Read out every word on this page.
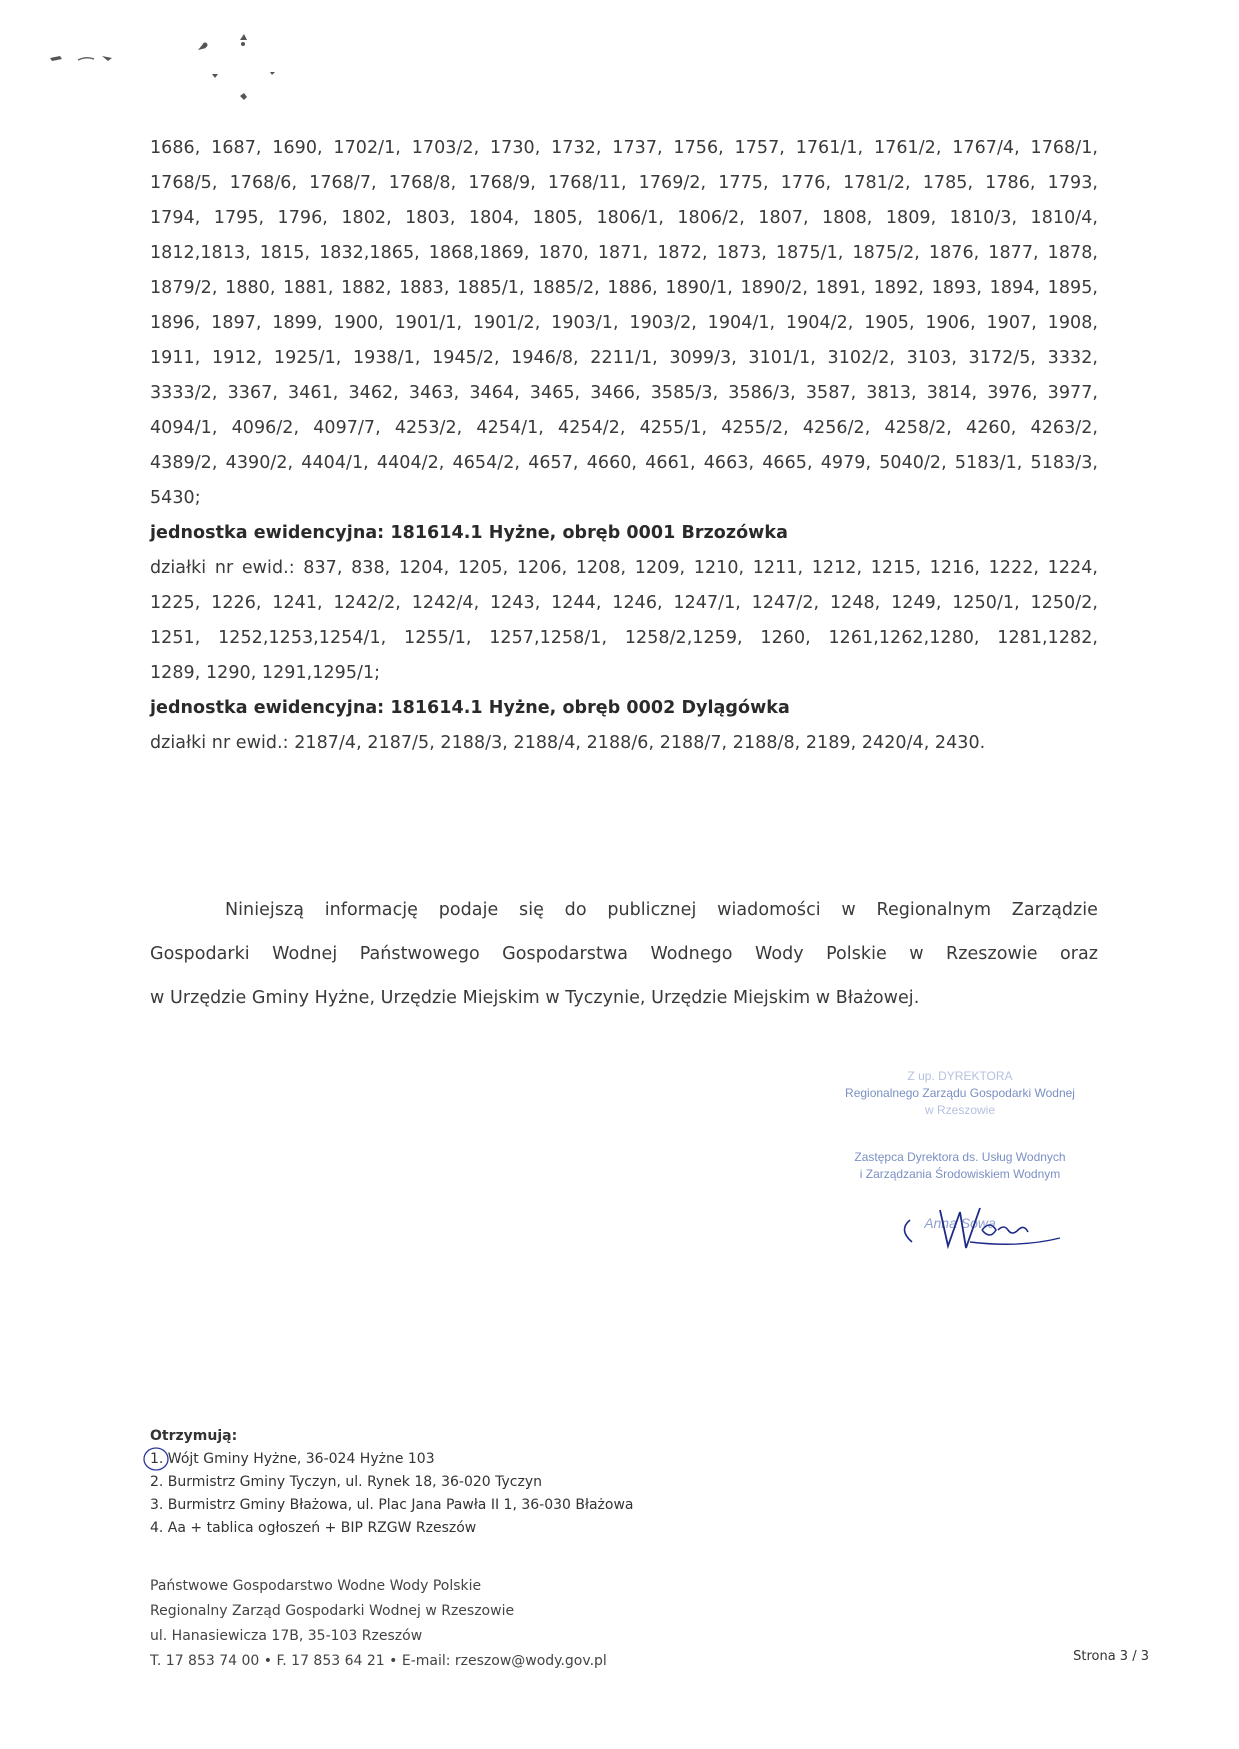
1686, 1687, 1690, 1702/1, 1703/2, 1730, 1732, 1737, 1756, 1757, 1761/1, 1761/2, 1767/4, 1768/1,
1768/5, 1768/6, 1768/7, 1768/8, 1768/9, 1768/11, 1769/2, 1775, 1776, 1781/2, 1785, 1786, 1793,
1794, 1795, 1796, 1802, 1803, 1804, 1805, 1806/1, 1806/2, 1807, 1808, 1809, 1810/3, 1810/4,
1812,1813, 1815, 1832,1865, 1868,1869, 1870, 1871, 1872, 1873, 1875/1, 1875/2, 1876, 1877, 1878,
1879/2, 1880, 1881, 1882, 1883, 1885/1, 1885/2, 1886, 1890/1, 1890/2, 1891, 1892, 1893, 1894, 1895,
1896, 1897, 1899, 1900, 1901/1, 1901/2, 1903/1, 1903/2, 1904/1, 1904/2, 1905, 1906, 1907, 1908,
1911, 1912, 1925/1, 1938/1, 1945/2, 1946/8, 2211/1, 3099/3, 3101/1, 3102/2, 3103, 3172/5, 3332,
3333/2, 3367, 3461, 3462, 3463, 3464, 3465, 3466, 3585/3, 3586/3, 3587, 3813, 3814, 3976, 3977,
4094/1, 4096/2, 4097/7, 4253/2, 4254/1, 4254/2, 4255/1, 4255/2, 4256/2, 4258/2, 4260, 4263/2,
4389/2, 4390/2, 4404/1, 4404/2, 4654/2, 4657, 4660, 4661, 4663, 4665, 4979, 5040/2, 5183/1, 5183/3,
5430;
jednostka ewidencyjna: 181614.1 Hyżne, obręb 0001 Brzozówka
działki nr ewid.: 837, 838, 1204, 1205, 1206, 1208, 1209, 1210, 1211, 1212, 1215, 1216, 1222, 1224,
1225, 1226, 1241, 1242/2, 1242/4, 1243, 1244, 1246, 1247/1, 1247/2, 1248, 1249, 1250/1, 1250/2,
1251, 1252,1253,1254/1, 1255/1, 1257,1258/1, 1258/2,1259, 1260, 1261,1262,1280, 1281,1282,
1289, 1290, 1291,1295/1;
jednostka ewidencyjna: 181614.1 Hyżne, obręb 0002 Dylągówka
działki nr ewid.: 2187/4, 2187/5, 2188/3, 2188/4, 2188/6, 2188/7, 2188/8, 2189, 2420/4, 2430.
Niniejszą informację podaje się do publicznej wiadomości w Regionalnym Zarządzie
Gospodarki Wodnej Państwowego Gospodarstwa Wodnego Wody Polskie w Rzeszowie oraz
w Urzędzie Gminy Hyżne, Urzędzie Miejskim w Tyczynie, Urzędzie Miejskim w Błażowej.
Z up. DYREKTORA
Regionalnego Zarządu Gospodarki Wodnej
w Rzeszowie
Zastępca Dyrektora ds. Usług Wodnych
i Zarządzania Środowiskiem Wodnym
Anna Sowa
Otrzymują:
1. Wójt Gminy Hyżne, 36-024 Hyżne 103
2. Burmistrz Gminy Tyczyn, ul. Rynek 18, 36-020 Tyczyn
3. Burmistrz Gminy Błażowa, ul. Plac Jana Pawła II 1, 36-030 Błażowa
4. Aa + tablica ogłoszeń + BIP RZGW Rzeszów
Państwowe Gospodarstwo Wodne Wody Polskie
Regionalny Zarząd Gospodarki Wodnej w Rzeszowie
ul. Hanasiewicza 17B, 35-103 Rzeszów
T. 17 853 74 00 • F. 17 853 64 21 • E-mail: rzeszow@wody.gov.pl	Strona 3 / 3
